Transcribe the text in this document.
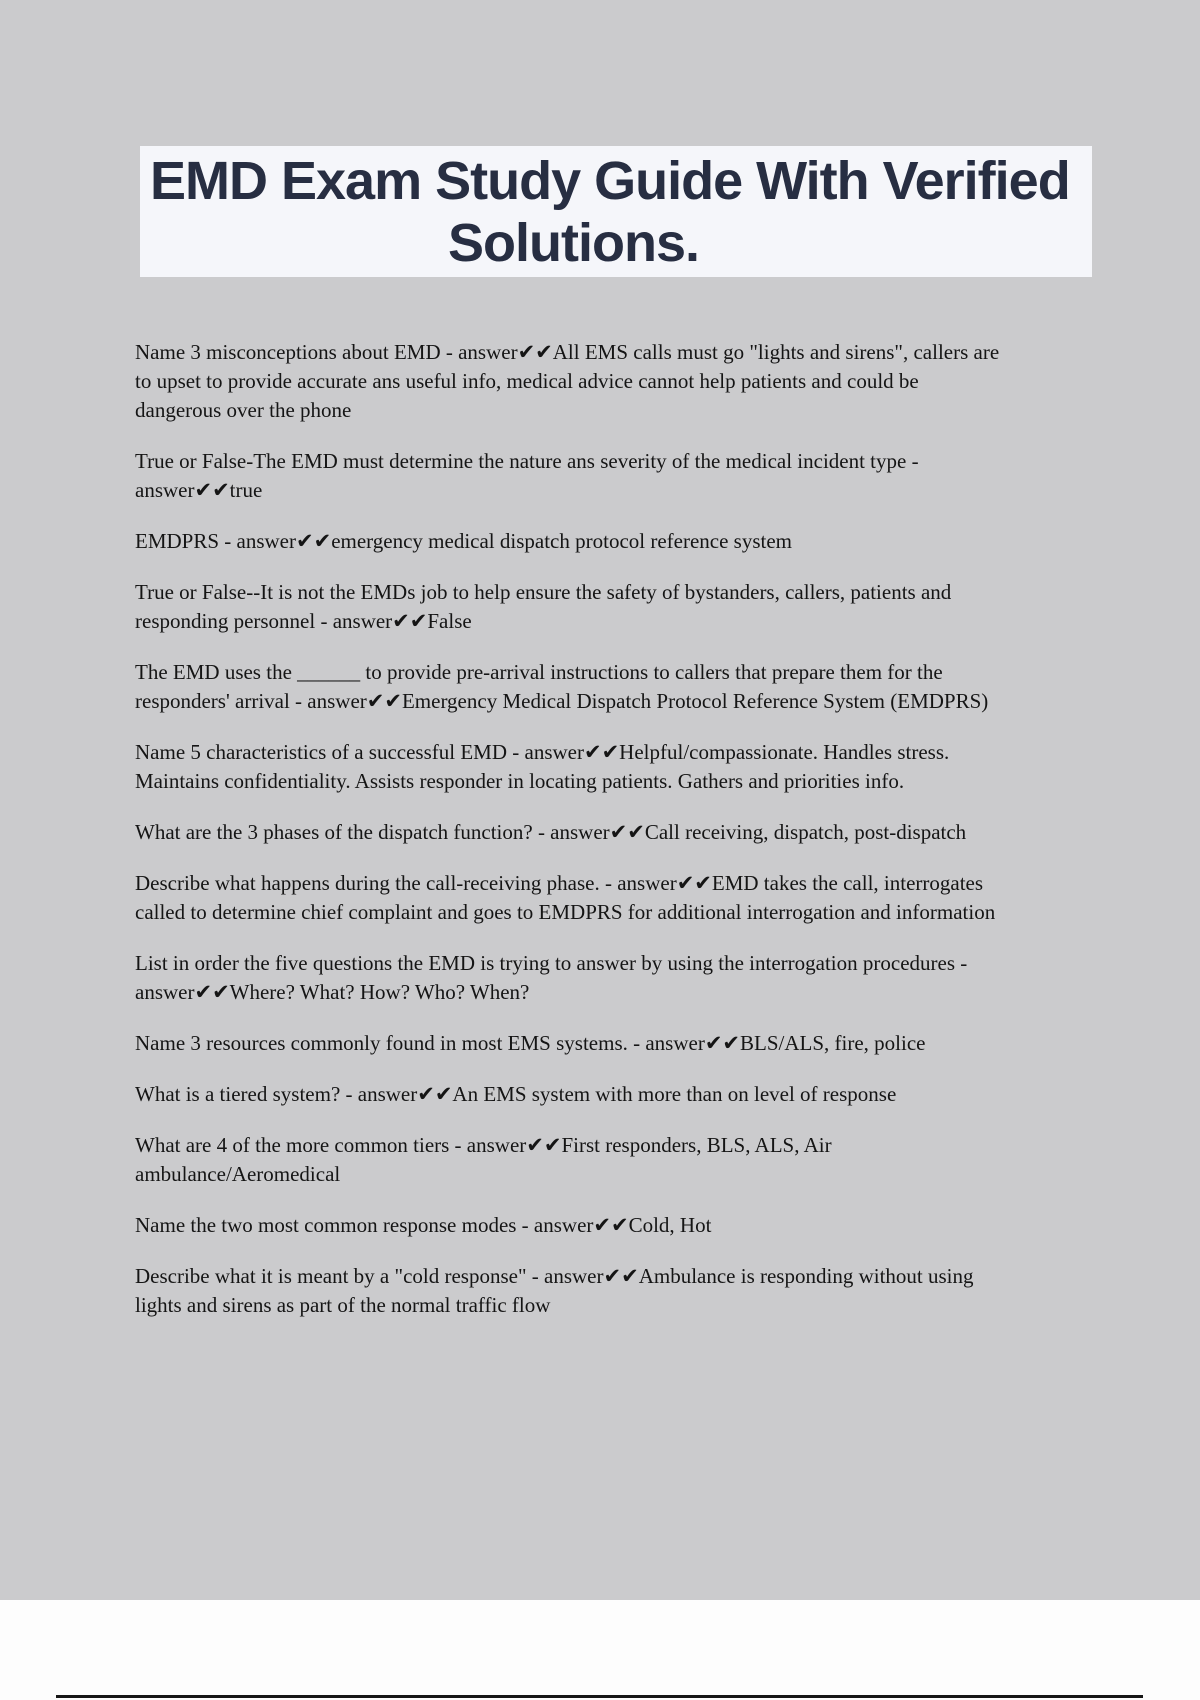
EMD Exam Study Guide With Verified
Solutions.

Name 3 misconceptions about EMD - answer✔✔All EMS calls must go "lights and sirens", callers are to upset to provide accurate ans useful info, medical advice cannot help patients and could be dangerous over the phone

True or False-The EMD must determine the nature ans severity of the medical incident type - answer✔✔true

EMDPRS - answer✔✔emergency medical dispatch protocol reference system

True or False--It is not the EMDs job to help ensure the safety of bystanders, callers, patients and responding personnel - answer✔✔False

The EMD uses the ______ to provide pre-arrival instructions to callers that prepare them for the responders' arrival - answer✔✔Emergency Medical Dispatch Protocol Reference System (EMDPRS)

Name 5 characteristics of a successful EMD - answer✔✔Helpful/compassionate. Handles stress. Maintains confidentiality. Assists responder in locating patients. Gathers and priorities info.

What are the 3 phases of the dispatch function? - answer✔✔Call receiving, dispatch, post-dispatch

Describe what happens during the call-receiving phase. - answer✔✔EMD takes the call, interrogates called to determine chief complaint and goes to EMDPRS for additional interrogation and information

List in order the five questions the EMD is trying to answer by using the interrogation procedures - answer✔✔Where? What? How? Who? When?

Name 3 resources commonly found in most EMS systems. - answer✔✔BLS/ALS, fire, police

What is a tiered system? - answer✔✔An EMS system with more than on level of response

What are 4 of the more common tiers - answer✔✔First responders, BLS, ALS, Air ambulance/Aeromedical

Name the two most common response modes - answer✔✔Cold, Hot

Describe what it is meant by a "cold response" - answer✔✔Ambulance is responding without using lights and sirens as part of the normal traffic flow
